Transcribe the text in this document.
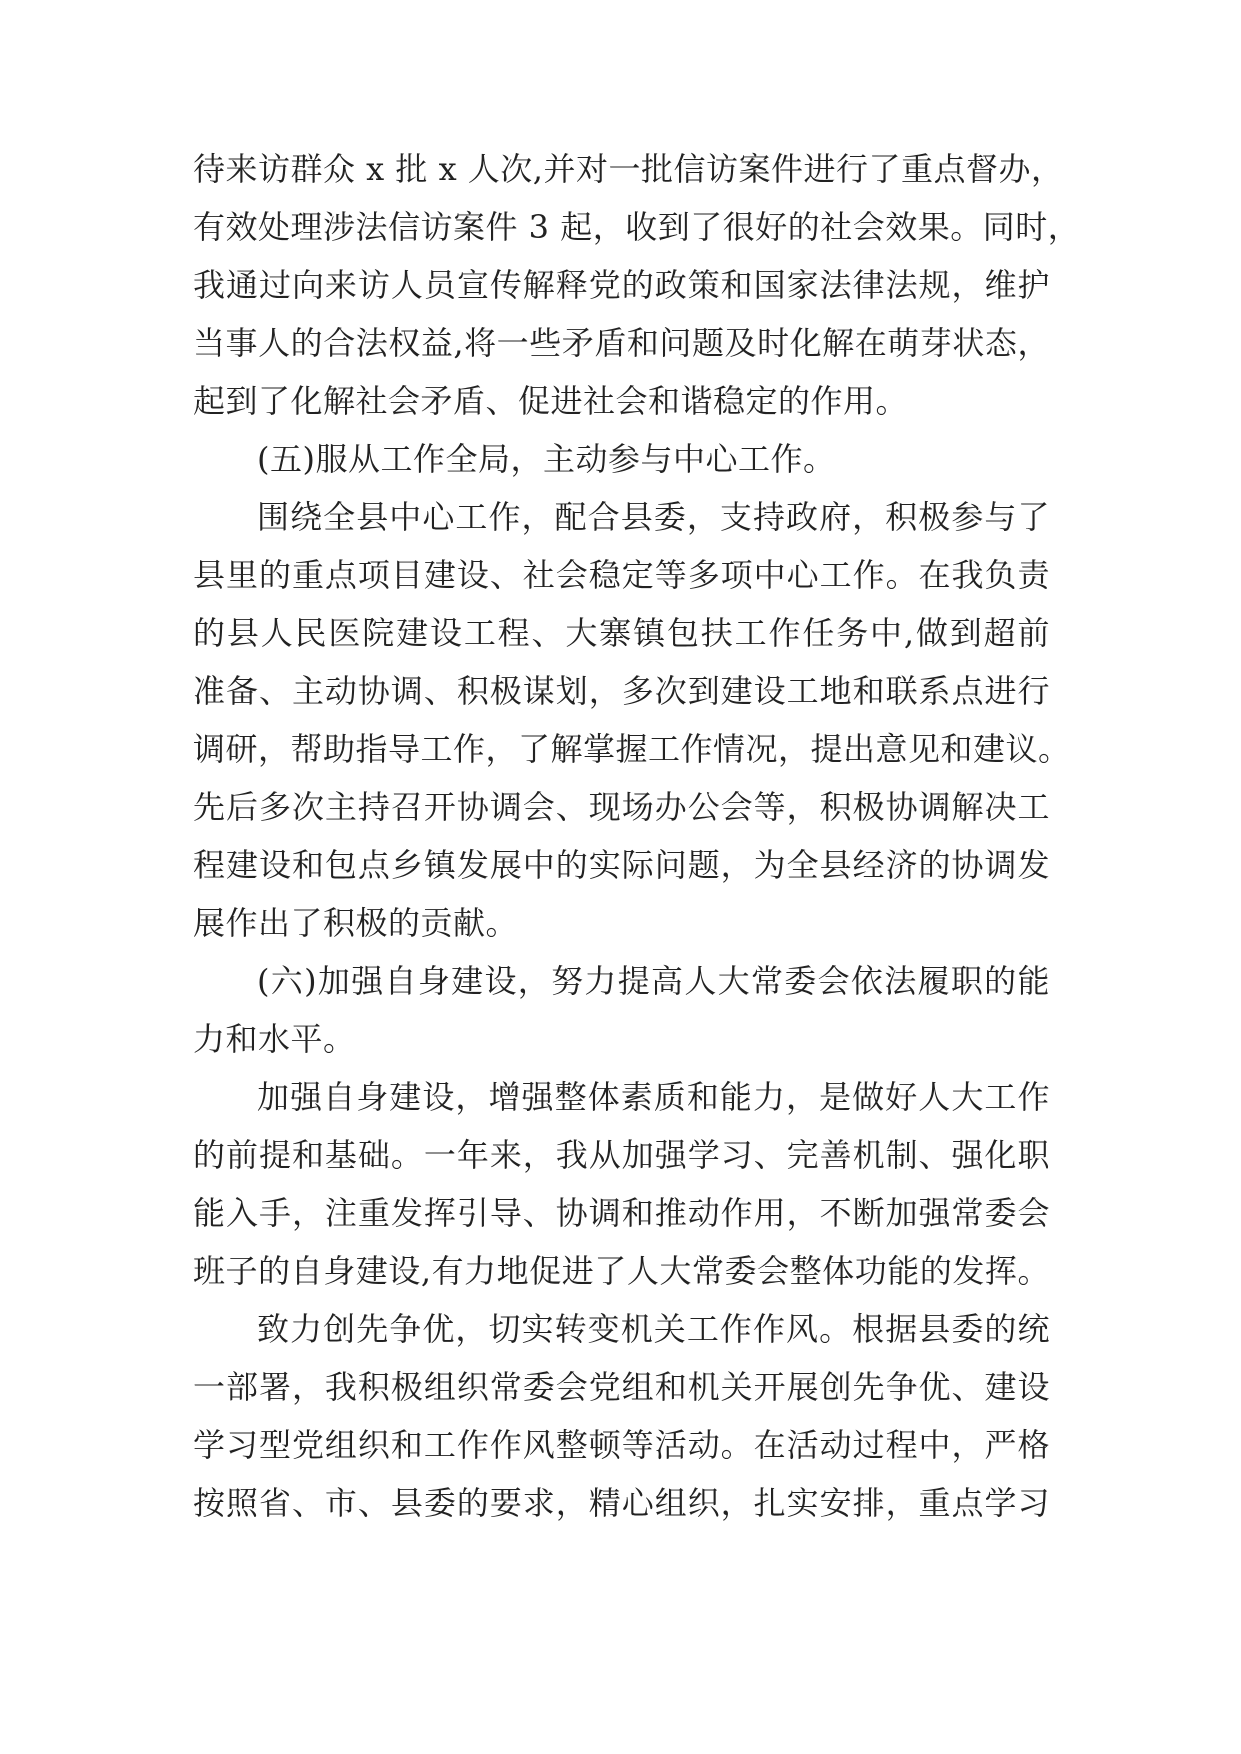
待来访群众 x 批 x 人次,并对一批信访案件进行了重点督办，
有效处理涉法信访案件 3 起，收到了很好的社会效果。同时，
我通过向来访人员宣传解释党的政策和国家法律法规，维护
当事人的合法权益,将一些矛盾和问题及时化解在萌芽状态，
起到了化解社会矛盾、促进社会和谐稳定的作用。
(五)服从工作全局，主动参与中心工作。
围绕全县中心工作，配合县委，支持政府，积极参与了
县里的重点项目建设、社会稳定等多项中心工作。在我负责
的县人民医院建设工程、大寨镇包扶工作任务中,做到超前
准备、主动协调、积极谋划，多次到建设工地和联系点进行
调研，帮助指导工作，了解掌握工作情况，提出意见和建议。
先后多次主持召开协调会、现场办公会等，积极协调解决工
程建设和包点乡镇发展中的实际问题，为全县经济的协调发
展作出了积极的贡献。
(六)加强自身建设，努力提高人大常委会依法履职的能
力和水平。
加强自身建设，增强整体素质和能力，是做好人大工作
的前提和基础。一年来，我从加强学习、完善机制、强化职
能入手，注重发挥引导、协调和推动作用，不断加强常委会
班子的自身建设,有力地促进了人大常委会整体功能的发挥。
致力创先争优，切实转变机关工作作风。根据县委的统
一部署，我积极组织常委会党组和机关开展创先争优、建设
学习型党组织和工作作风整顿等活动。在活动过程中，严格
按照省、市、县委的要求，精心组织，扎实安排，重点学习
